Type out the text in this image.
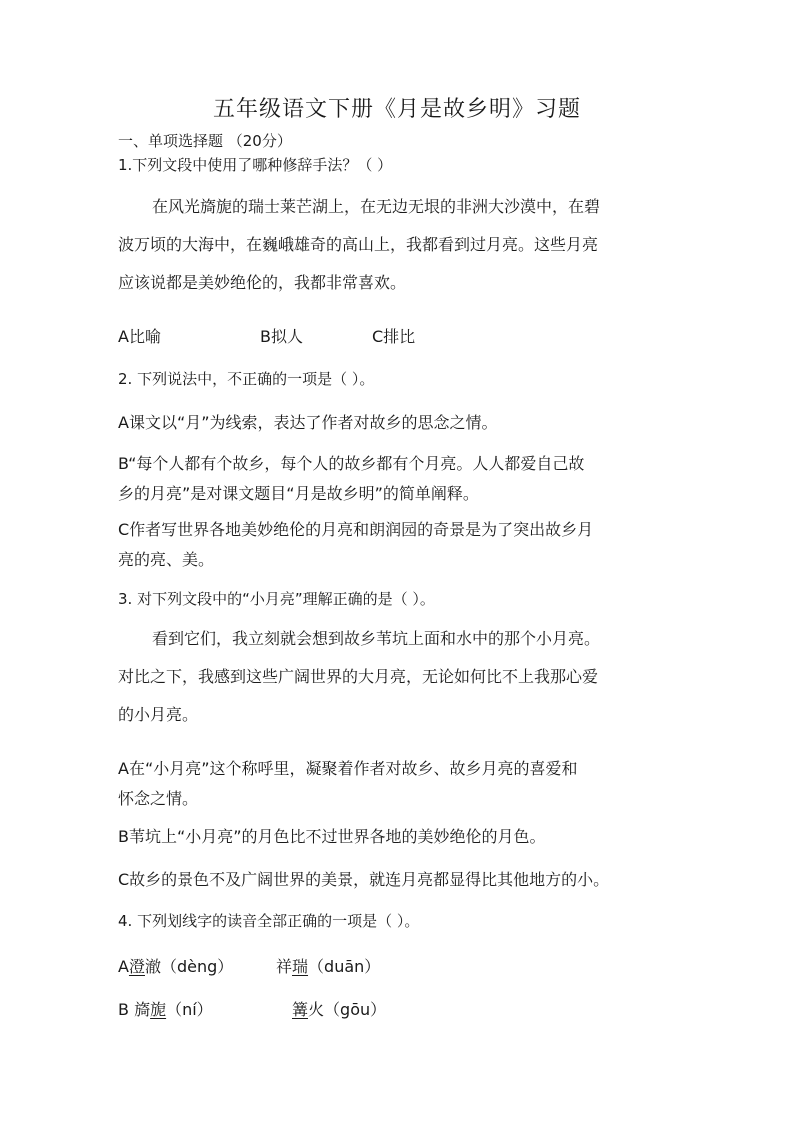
五年级语文下册《月是故乡明》习题
一、单项选择题 （20分）
1.下列文段中使用了哪种修辞手法？（ ）
在风光旖旎的瑞士莱芒湖上，在无边无垠的非洲大沙漠中，在碧
波万顷的大海中，在巍峨雄奇的高山上，我都看到过月亮。这些月亮
应该说都是美妙绝伦的，我都非常喜欢。
A比喻	B拟人	C排比
2. 下列说法中，不正确的一项是（ ）。
A课文以“月”为线索，表达了作者对故乡的思念之情。
B“每个人都有个故乡，每个人的故乡都有个月亮。人人都爱自己故
乡的月亮”是对课文题目“月是故乡明”的简单阐释。
C作者写世界各地美妙绝伦的月亮和朗润园的奇景是为了突出故乡月
亮的亮、美。
3. 对下列文段中的“小月亮”理解正确的是（ ）。
看到它们，我立刻就会想到故乡苇坑上面和水中的那个小月亮。
对比之下，我感到这些广阔世界的大月亮，无论如何比不上我那心爱
的小月亮。
A在“小月亮”这个称呼里，凝聚着作者对故乡、故乡月亮的喜爱和
怀念之情。
B苇坑上“小月亮”的月色比不过世界各地的美妙绝伦的月色。
C故乡的景色不及广阔世界的美景，就连月亮都显得比其他地方的小。
4. 下列划线字的读音全部正确的一项是（ ）。
A澄澈（dèng）	祥瑞（duān）
B 旖旎（ní）	篝火（gōu）
